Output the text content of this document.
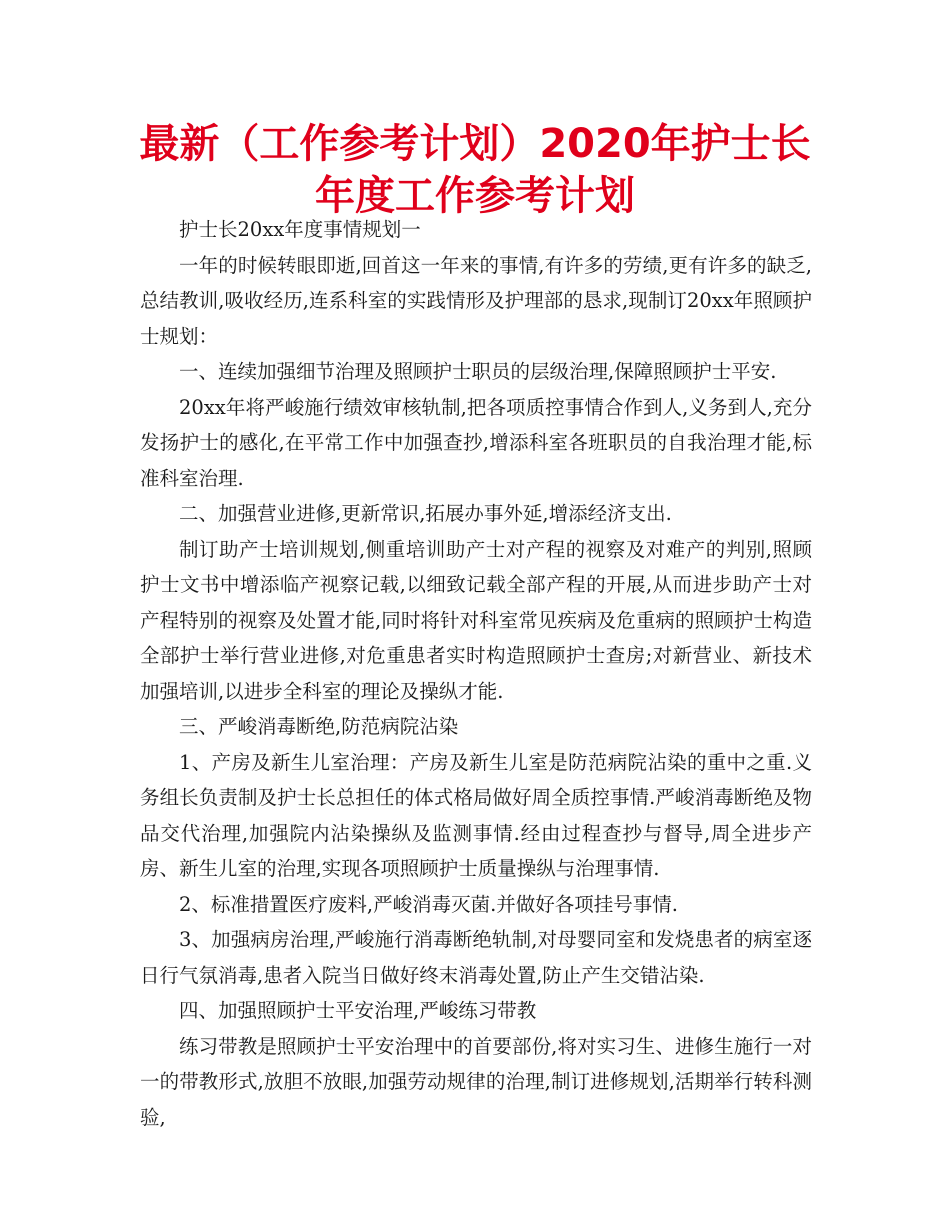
最新（工作参考计划）2020年护士长年度工作参考计划

护士长20xx年度事情规划一

一年的时候转眼即逝,回首这一年来的事情,有许多的劳绩,更有许多的缺乏,总结教训,吸收经历,连系科室的实践情形及护理部的恳求,现制订20xx年照顾护士规划：

一、连续加强细节治理及照顾护士职员的层级治理,保障照顾护士平安.

20xx年将严峻施行绩效审核轨制,把各项质控事情合作到人,义务到人,充分发扬护士的感化,在平常工作中加强查抄,增添科室各班职员的自我治理才能,标准科室治理.

二、加强营业进修,更新常识,拓展办事外延,增添经济支出.

制订助产士培训规划,侧重培训助产士对产程的视察及对难产的判别,照顾护士文书中增添临产视察记载,以细致记载全部产程的开展,从而进步助产士对产程特别的视察及处置才能,同时将针对科室常见疾病及危重病的照顾护士构造全部护士举行营业进修,对危重患者实时构造照顾护士查房;对新营业、新技术加强培训,以进步全科室的理论及操纵才能.

三、严峻消毒断绝,防范病院沾染

1、产房及新生儿室治理：产房及新生儿室是防范病院沾染的重中之重.义务组长负责制及护士长总担任的体式格局做好周全质控事情.严峻消毒断绝及物品交代治理,加强院内沾染操纵及监测事情.经由过程查抄与督导,周全进步产房、新生儿室的治理,实现各项照顾护士质量操纵与治理事情.

2、标准措置医疗废料,严峻消毒灭菌.并做好各项挂号事情.

3、加强病房治理,严峻施行消毒断绝轨制,对母婴同室和发烧患者的病室逐日行气氛消毒,患者入院当日做好终末消毒处置,防止产生交错沾染.

四、加强照顾护士平安治理,严峻练习带教

练习带教是照顾护士平安治理中的首要部份,将对实习生、进修生施行一对一的带教形式,放胆不放眼,加强劳动规律的治理,制订进修规划,活期举行转科测验,
